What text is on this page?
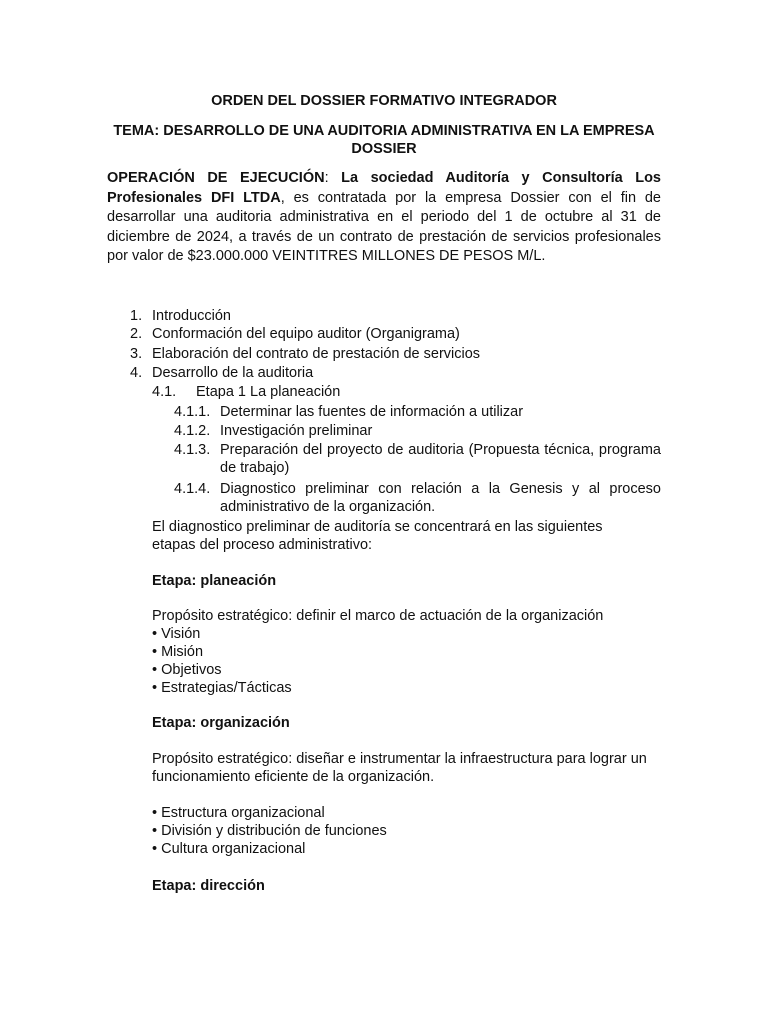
ORDEN DEL DOSSIER FORMATIVO INTEGRADOR
TEMA: DESARROLLO DE UNA AUDITORIA ADMINISTRATIVA EN LA EMPRESA DOSSIER
OPERACIÓN DE EJECUCIÓN: La sociedad Auditoría y Consultoría Los Profesionales DFI LTDA, es contratada por la empresa Dossier con el fin de desarrollar una auditoria administrativa en el periodo del 1 de octubre al 31 de diciembre de 2024, a través de un contrato de prestación de servicios profesionales por valor de $23.000.000 VEINTITRES MILLONES DE PESOS M/L.
1. Introducción
2. Conformación del equipo auditor (Organigrama)
3. Elaboración del contrato de prestación de servicios
4. Desarrollo de la auditoria
4.1. Etapa 1 La planeación
4.1.1. Determinar las fuentes de información a utilizar
4.1.2. Investigación preliminar
4.1.3. Preparación del proyecto de auditoria (Propuesta técnica, programa de trabajo)
4.1.4. Diagnostico preliminar con relación a la Genesis y al proceso administrativo de la organización.
El diagnostico preliminar de auditoría se concentrará en las siguientes etapas del proceso administrativo:
Etapa: planeación
Propósito estratégico: definir el marco de actuación de la organización
• Visión
• Misión
• Objetivos
• Estrategias/Tácticas
Etapa: organización
Propósito estratégico: diseñar e instrumentar la infraestructura para lograr un funcionamiento eficiente de la organización.
• Estructura organizacional
• División y distribución de funciones
• Cultura organizacional
Etapa: dirección
